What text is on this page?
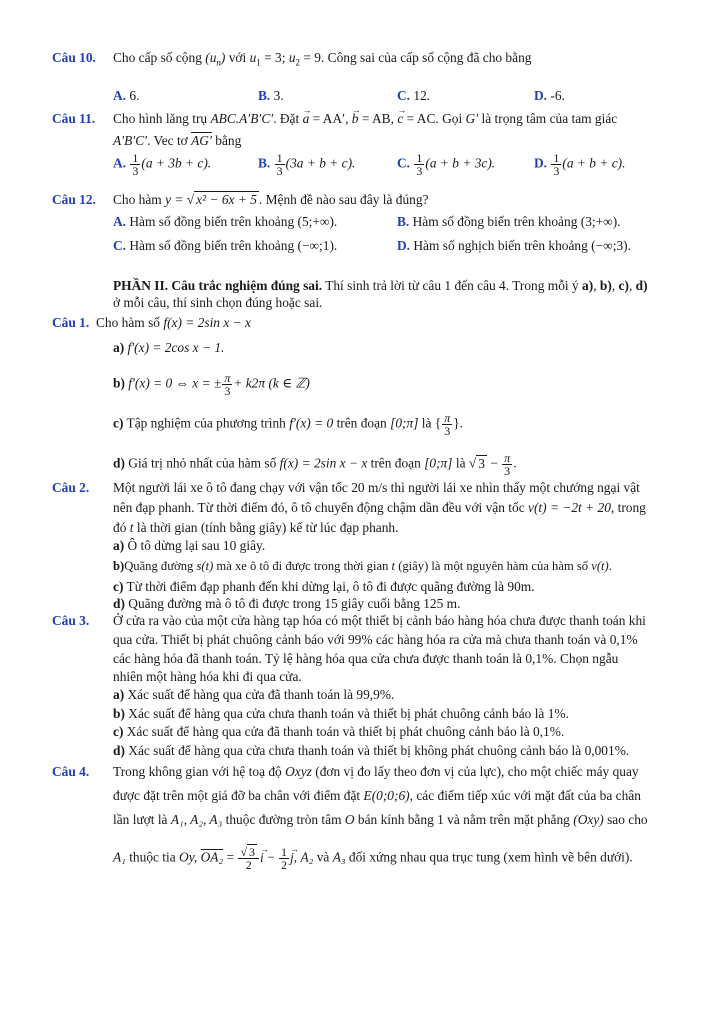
Câu 10. Cho cấp số cộng $(u_n)$ với $u_1 = 3$; $u_2 = 9$. Công sai của cấp số cộng đã cho bằng
A. 6.	B. 3.	C. 12.	D. -6.
Câu 11. Cho hình lăng trụ ABC.A′B′C′. Đặt → a = AA′, → b = AB, → c = AC. Gọi G′ là trọng tâm của tam giác
A′B′C′. Vec tơ AG′ bằng
A. $\frac{1}{3} (a + 3b + c)$.	B. $\frac{1}{3} (3a + b + c)$.	C. $\frac{1}{3} (a + b + 3c)$.	D. $\frac{1}{3} (a + b + c)$.
Câu 12. Cho hàm y = √ x² − 6x + 5 . Mệnh đề nào sau đây là đúng?
A. Hàm số đồng biến trên khoảng (5;+∞).	B. Hàm số đồng biến trên khoảng (3;+∞).
C. Hàm số đồng biến trên khoảng (−∞;1).	D. Hàm số nghịch biến trên khoảng (−∞;3).
PHẦN II. Câu trắc nghiệm đúng sai. Thí sinh trả lời từ câu 1 đến câu 4. Trong mỗi ý a), b), c), d)
ở mỗi câu, thí sinh chọn đúng hoặc sai.
Câu 1. Cho hàm số f(x) = 2sin x − x
a) f′(x) = 2cos x − 1.
b) f′(x) = 0 ⇔ x = ± $\frac{\pi}{3} + k2\pi$ (k ∈ ℤ)
c) Tập nghiệm của phương trình f′(x) = 0 trên đoạn [0;π] là { $\frac{\pi}{3}$ }.
d) Giá trị nhỏ nhất của hàm số f(x) = 2sin x − x trên đoạn [0;π] là √ $3 - \frac{\pi}{3}$ .
Câu 2. Một người lái xe ô tô đang chạy với vận tốc 20 m/s thì người lái xe nhìn thấy một chướng ngại vật
nên đạp phanh. Từ thời điểm đó, ô tô chuyển động chậm dần đều với vận tốc v(t) = −2t + 20, trong
đó t là thời gian (tính bằng giây) kể từ lúc đạp phanh.
a) Ô tô dừng lại sau 10 giây.
b)Quãng đường s(t) mà xe ô tô đi được trong thời gian t (giây) là một nguyên hàm của hàm số v(t).
c) Từ thời điểm đạp phanh đến khi dừng lại, ô tô đi được quãng đường là 90m.
d) Quãng đường mà ô tô đi được trong 15 giây cuối bằng 125 m.
Câu 3. Ở cửa ra vào của một cửa hàng tạp hóa có một thiết bị cảnh báo hàng hóa chưa được thanh toán khi
qua cửa. Thiết bị phát chuông cảnh báo với 99% các hàng hóa ra cửa mà chưa thanh toán và 0,1%
các hàng hóa đã thanh toán. Tỷ lệ hàng hóa qua cửa chưa được thanh toán là 0,1%. Chọn ngẫu
nhiên một hàng hóa khi đi qua cửa.
a) Xác suất để hàng qua cửa đã thanh toán là 99,9%.
b) Xác suất để hàng qua cửa chưa thanh toán và thiết bị phát chuông cảnh báo là 1%.
c) Xác suất để hàng qua cửa đã thanh toán và thiết bị phát chuông cảnh báo là 0,1%.
d) Xác suất để hàng qua cửa chưa thanh toán và thiết bị không phát chuông cảnh báo là 0,001%.
Câu 4. Trong không gian với hệ toạ độ Oxyz (đơn vị đo lấy theo đơn vị của lực), cho một chiếc máy quay
được đặt trên một giá đỡ ba chân với điểm đặt E(0;0;6), các điểm tiếp xúc với mặt đất của ba chân
lần lượt là A₁, A₂, A₃ thuộc đường tròn tâm O bán kính bằng 1 và nằm trên mặt phẳng (Oxy) sao cho
A₁ thuộc tia Oy, $OA_2 = \frac{√ 3}{2} \to i - \frac{1}{2} \to j$, A₂ và A₃ đối xứng nhau qua trục tung (xem hình vẽ bên dưới).
